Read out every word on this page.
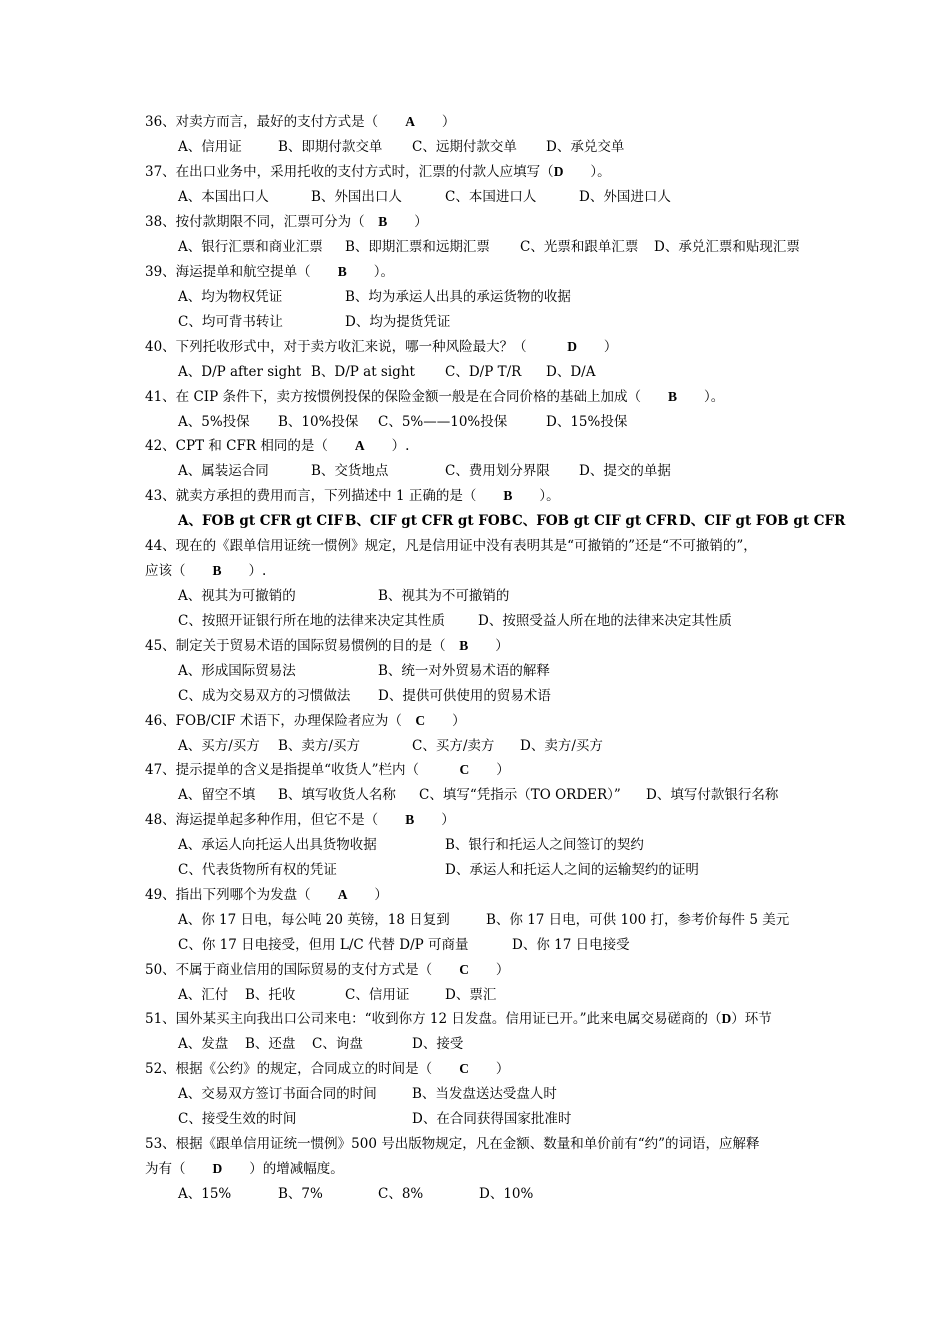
36、对卖方而言，最好的支付方式是（　　A　　）
A、信用证	B、即期付款交单 C、远期付款交单 D、承兑交单
37、在出口业务中，采用托收的支付方式时，汇票的付款人应填写（D　　）。
A、本国出口人	B、外国出口人	C、本国进口人	D、外国进口人
38、按付款期限不同，汇票可分为（　B　　）
A、银行汇票和商业汇票 B、即期汇票和远期汇票 C、光票和跟单汇票 D、承兑汇票和贴现汇票
39、海运提单和航空提单（　　B　　）。
A、均为物权凭证	B、均为承运人出具的承运货物的收据
C、均可背书转让	D、均为提货凭证
40、下列托收形式中，对于卖方收汇来说，哪一种风险最大？（　　　D　　）
A、D/P after sight B、D/P at sight C、D/P T/R D、D/A
41、在 CIP 条件下，卖方按惯例投保的保险金额一般是在合同价格的基础上加成（　　B　　）。
A、5%投保 B、10%投保 C、5%——10%投保	D、15%投保
42、CPT 和 CFR 相同的是（　　A　　）.
A、属装运合同	B、交货地点	C、费用划分界限 D、提交的单据
43、就卖方承担的费用而言，下列描述中 1 正确的是（　　B　　）。
A、FOB gt CFR gt CIF B、CIF gt CFR gt FOB C、FOB gt CIF gt CFR D、CIF gt FOB gt CFR
44、现在的《跟单信用证统一惯例》规定，凡是信用证中没有表明其是“可撤销的”还是“不可撤销的”，
应该（　　B　　）.
A、视其为可撤销的	B、视其为不可撤销的
C、按照开证银行所在地的法律来决定其性质 D、按照受益人所在地的法律来决定其性质
45、制定关于贸易术语的国际贸易惯例的目的是（　B　　）
A、形成国际贸易法	B、统一对外贸易术语的解释
C、成为交易双方的习惯做法 D、提供可供使用的贸易术语
46、FOB/CIF 术语下，办理保险者应为（　C　　）
A、买方/买方 B、卖方/买方	C、买方/卖方 D、卖方/买方
47、提示提单的含义是指提单“收货人”栏内（　　　C　　）
A、留空不填 B、填写收货人名称 C、填写“凭指示（TO ORDER）” D、填写付款银行名称
48、海运提单起多种作用，但它不是（　　B　　）
A、承运人向托运人出具货物收据	B、银行和托运人之间签订的契约
C、代表货物所有权的凭证	D、承运人和托运人之间的运输契约的证明
49、指出下列哪个为发盘（　　A　　）
A、你 17 日电，每公吨 20 英镑，18 日复到	B、你 17 日电，可供 100 打，参考价每件 5 美元
C、你 17 日电接受，但用 L/C 代替 D/P 可商量	D、你 17 日电接受
50、不属于商业信用的国际贸易的支付方式是（　　C　　）
A、汇付 B、托收	C、信用证	D、票汇
51、国外某买主向我出口公司来电：“收到你方 12 日发盘。信用证已开。”此来电属交易磋商的（D）环节
A、发盘 B、还盘 C、询盘	D、接受
52、根据《公约》的规定，合同成立的时间是（　　C　　）
A、交易双方签订书面合同的时间	B、当发盘送达受盘人时
C、接受生效的时间	D、在合同获得国家批准时
53、根据《跟单信用证统一惯例》500 号出版物规定，凡在金额、数量和单价前有“约”的词语，应解释
为有（　　D　　）的增减幅度。
A、15%	B、7%	C、8%	D、10%
